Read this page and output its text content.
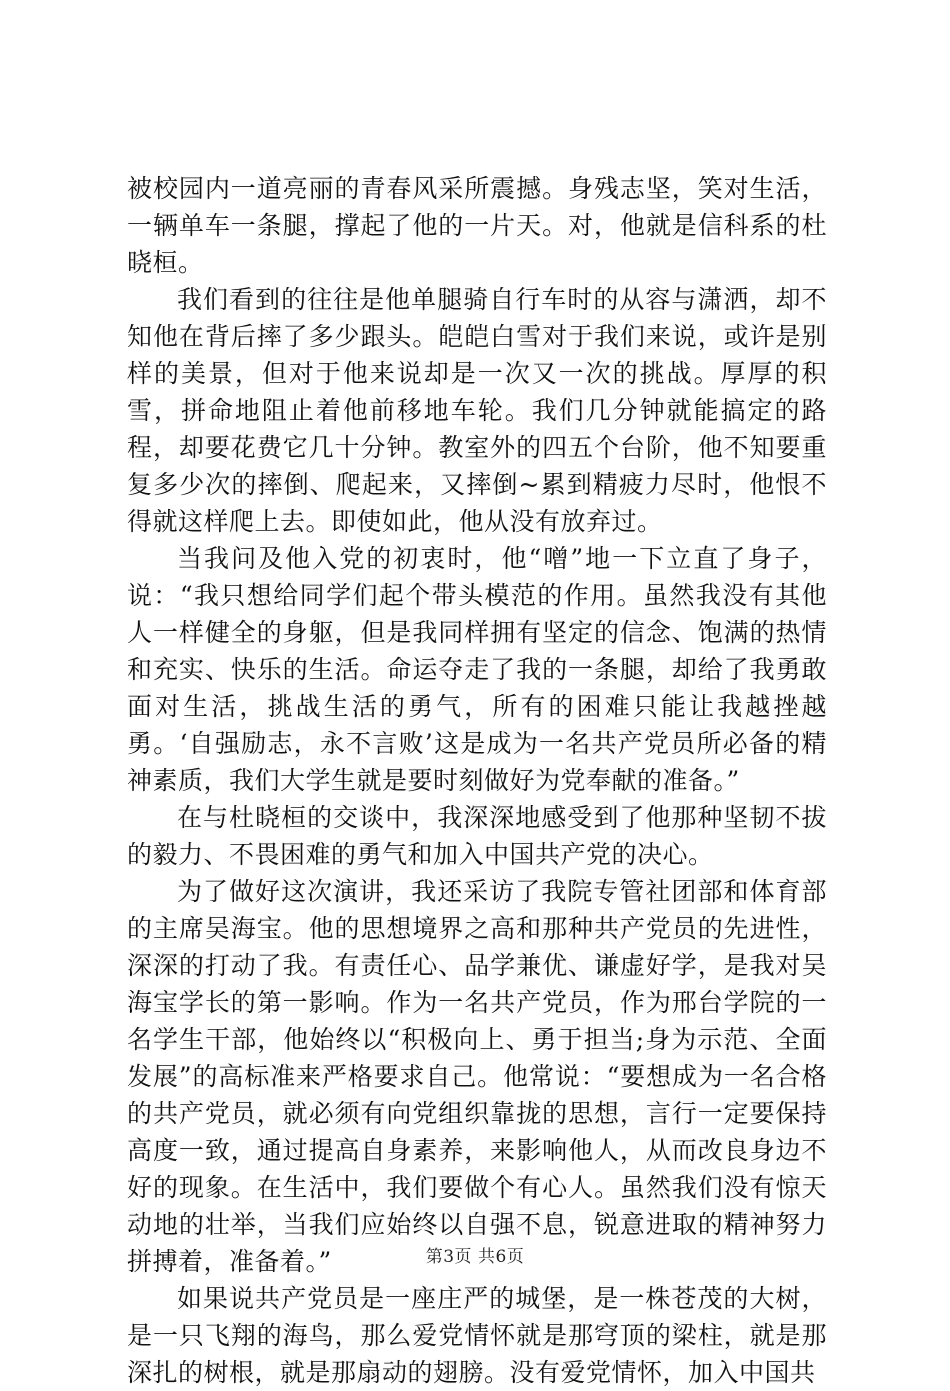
被校园内一道亮丽的青春风采所震撼。身残志坚，笑对生活，一辆单车一条腿，撑起了他的一片天。对，他就是信科系的杜晓桓。

我们看到的往往是他单腿骑自行车时的从容与潇洒，却不知他在背后摔了多少跟头。皑皑白雪对于我们来说，或许是别样的美景，但对于他来说却是一次又一次的挑战。厚厚的积雪，拼命地阻止着他前移地车轮。我们几分钟就能搞定的路程，却要花费它几十分钟。教室外的四五个台阶，他不知要重复多少次的摔倒、爬起来，又摔倒~累到精疲力尽时，他恨不得就这样爬上去。即使如此，他从没有放弃过。

当我问及他入党的初衷时，他“噌”地一下立直了身子，说：“我只想给同学们起个带头模范的作用。虽然我没有其他人一样健全的身躯，但是我同样拥有坚定的信念、饱满的热情和充实、快乐的生活。命运夺走了我的一条腿，却给了我勇敢面对生活，挑战生活的勇气，所有的困难只能让我越挫越勇。‘自强励志，永不言败’这是成为一名共产党员所必备的精神素质，我们大学生就是要时刻做好为党奉献的准备。”

在与杜晓桓的交谈中，我深深地感受到了他那种坚韧不拔的毅力、不畏困难的勇气和加入中国共产党的决心。

为了做好这次演讲，我还采访了我院专管社团部和体育部的主席吴海宝。他的思想境界之高和那种共产党员的先进性，深深的打动了我。有责任心、品学兼优、谦虚好学，是我对吴海宝学长的第一影响。作为一名共产党员，作为邢台学院的一名学生干部，他始终以“积极向上、勇于担当;身为示范、全面发展”的高标准来严格要求自己。他常说：“要想成为一名合格的共产党员，就必须有向党组织靠拢的思想，言行一定要保持高度一致，通过提高自身素养，来影响他人，从而改良身边不好的现象。在生活中，我们要做个有心人。虽然我们没有惊天动地的壮举，当我们应始终以自强不息，锐意进取的精神努力拼搏着，准备着。”

如果说共产党员是一座庄严的城堡，是一株苍茂的大树，是一只飞翔的海鸟，那么爱党情怀就是那穹顶的梁柱，就是那深扎的树根，就是那扇动的翅膀。没有爱党情怀，加入中国共

第3页 共6页
